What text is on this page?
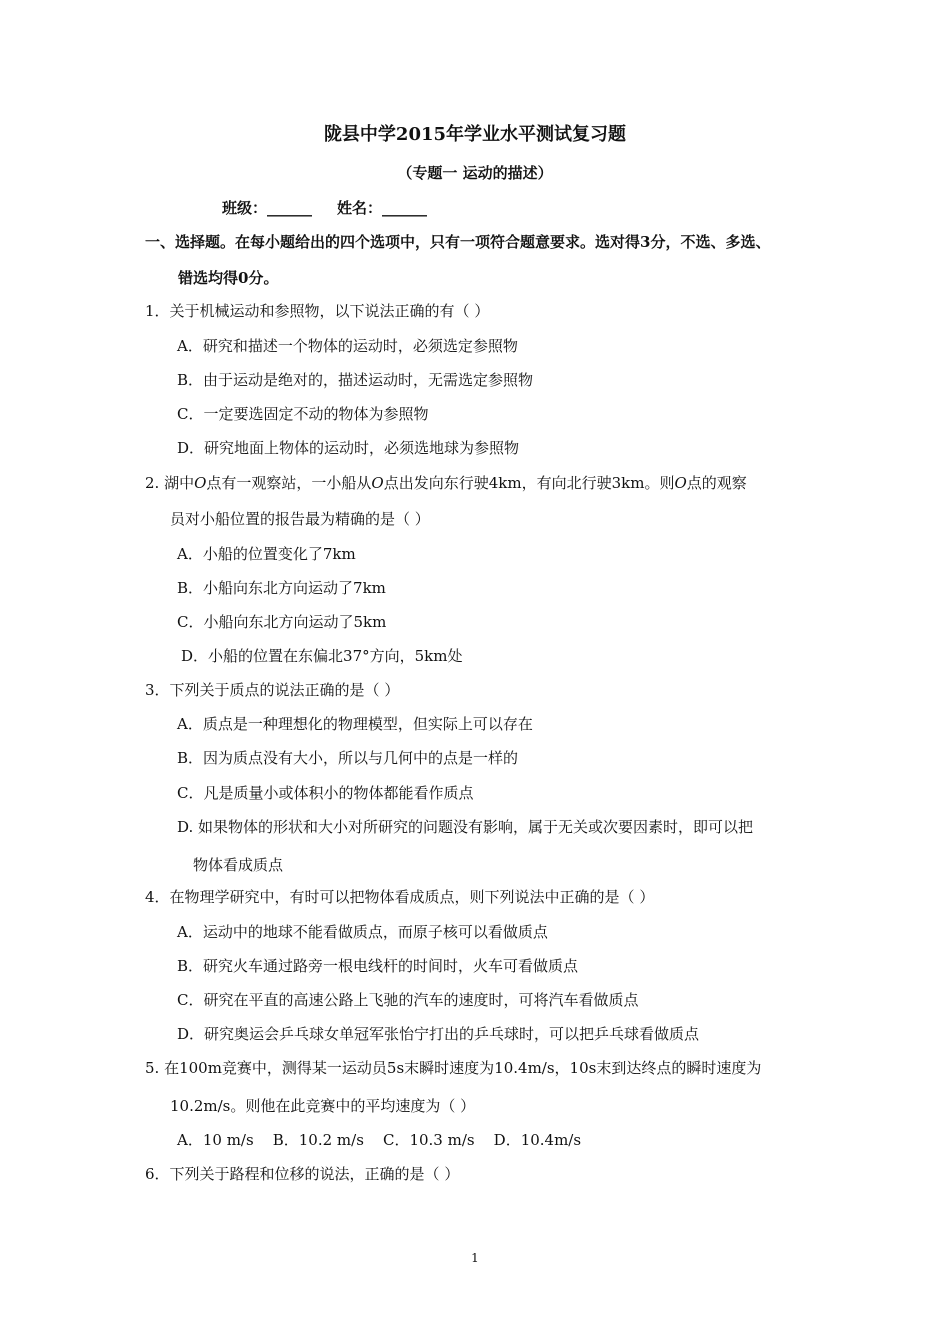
陇县中学2015年学业水平测试复习题
（专题一 运动的描述）
班级：______ 姓名：______
一、选择题。在每小题给出的四个选项中，只有一项符合题意要求。选对得3分，不选、多选、
错选均得0分。
1．关于机械运动和参照物，以下说法正确的有（ ）
A．研究和描述一个物体的运动时，必须选定参照物
B．由于运动是绝对的，描述运动时，无需选定参照物
C．一定要选固定不动的物体为参照物
D．研究地面上物体的运动时，必须选地球为参照物
2. 湖中O点有一观察站，一小船从O点出发向东行驶4km，有向北行驶3km。则O点的观察
员对小船位置的报告最为精确的是（ ）
A．小船的位置变化了7km
B．小船向东北方向运动了7km
C．小船向东北方向运动了5km
D．小船的位置在东偏北37°方向，5km处
3．下列关于质点的说法正确的是（ ）
A．质点是一种理想化的物理模型，但实际上可以存在
B．因为质点没有大小，所以与几何中的点是一样的
C．凡是质量小或体积小的物体都能看作质点
D. 如果物体的形状和大小对所研究的问题没有影响，属于无关或次要因素时，即可以把
物体看成质点
4．在物理学研究中，有时可以把物体看成质点，则下列说法中正确的是（ ）
A．运动中的地球不能看做质点，而原子核可以看做质点
B．研究火车通过路旁一根电线杆的时间时，火车可看做质点
C．研究在平直的高速公路上飞驰的汽车的速度时，可将汽车看做质点
D．研究奥运会乒乓球女单冠军张怡宁打出的乒乓球时，可以把乒乓球看做质点
5. 在100m竞赛中，测得某一运动员5s末瞬时速度为10.4m/s，10s末到达终点的瞬时速度为
10.2m/s。则他在此竞赛中的平均速度为（ ）
A．10 m/s    B．10.2 m/s    C．10.3 m/s    D．10.4m/s
6．下列关于路程和位移的说法，正确的是（ ）
1
